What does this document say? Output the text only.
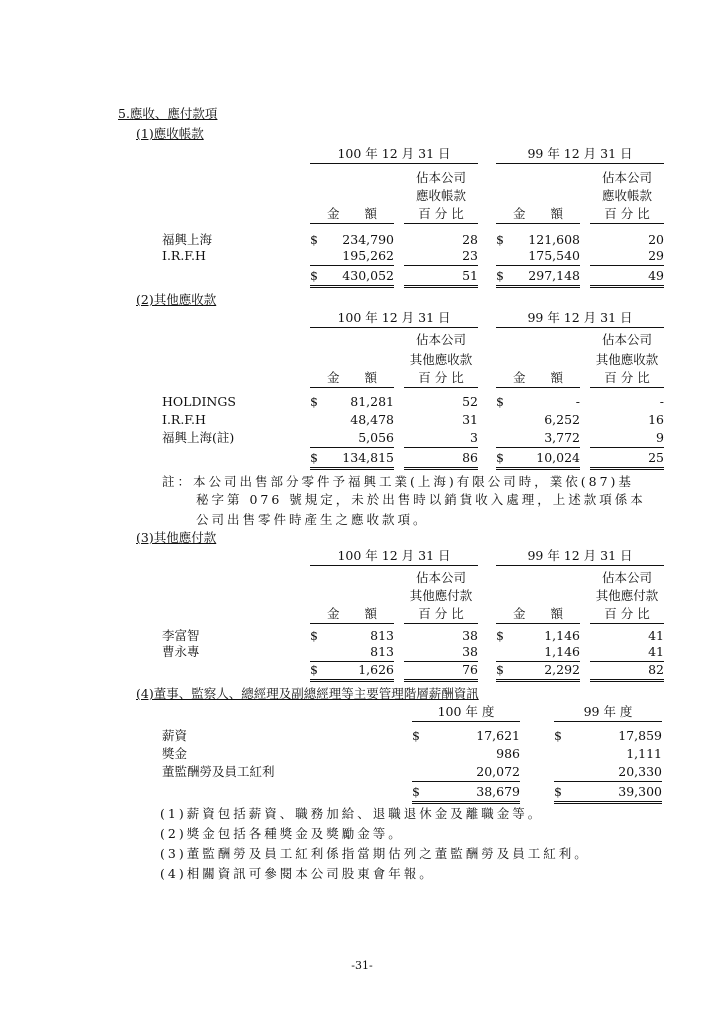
5.應收、應付款項
(1)應收帳款
100 年 12 月 31 日	99 年 12 月 31 日
佔本公司
應收帳款
百 分 比
佔本公司
應收帳款
百 分 比
金　　額	金　　額
福興上海	$	234,790	28 $	121,608	20
I.R.F.H	195,262	23	175,540	29
$	430,052	51 $	297,148	49
(2)其他應收款
100 年 12 月 31 日	99 年 12 月 31 日
佔本公司
其他應收款
百 分 比
佔本公司
其他應收款
百 分 比
金　　額	金　　額
HOLDINGS	$	81,281	52 $	-	-
I.R.F.H	48,478	31	6,252	16
福興上海(註)	5,056	3	3,772	9
$	134,815	86 $	10,024	25
註：本公司出售部分零件予福興工業(上海)有限公司時，業依(87)基
秘字第 076 號規定，未於出售時以銷貨收入處理，上述款項係本
公司出售零件時產生之應收款項。
(3)其他應付款
100 年 12 月 31 日	99 年 12 月 31 日
佔本公司
其他應付款
百 分 比
佔本公司
其他應付款
百 分 比
金　　額	金　　額
李富智	$	813	38 $	1,146	41
曹永專	813	38	1,146	41
$	1,626	76 $	2,292	82
(4)董事、監察人、總經理及副總經理等主要管理階層薪酬資訊
100 年 度	99 年 度
薪資	$	17,621	$	17,859
獎金	986	1,111
董監酬勞及員工紅利	20,072	20,330
$	38,679	$	39,300
(1)薪資包括薪資、職務加給、退職退休金及離職金等。
(2)獎金包括各種獎金及獎勵金等。
(3)董監酬勞及員工紅利係指當期估列之董監酬勞及員工紅利。
(4)相關資訊可參閱本公司股東會年報。
-31-
